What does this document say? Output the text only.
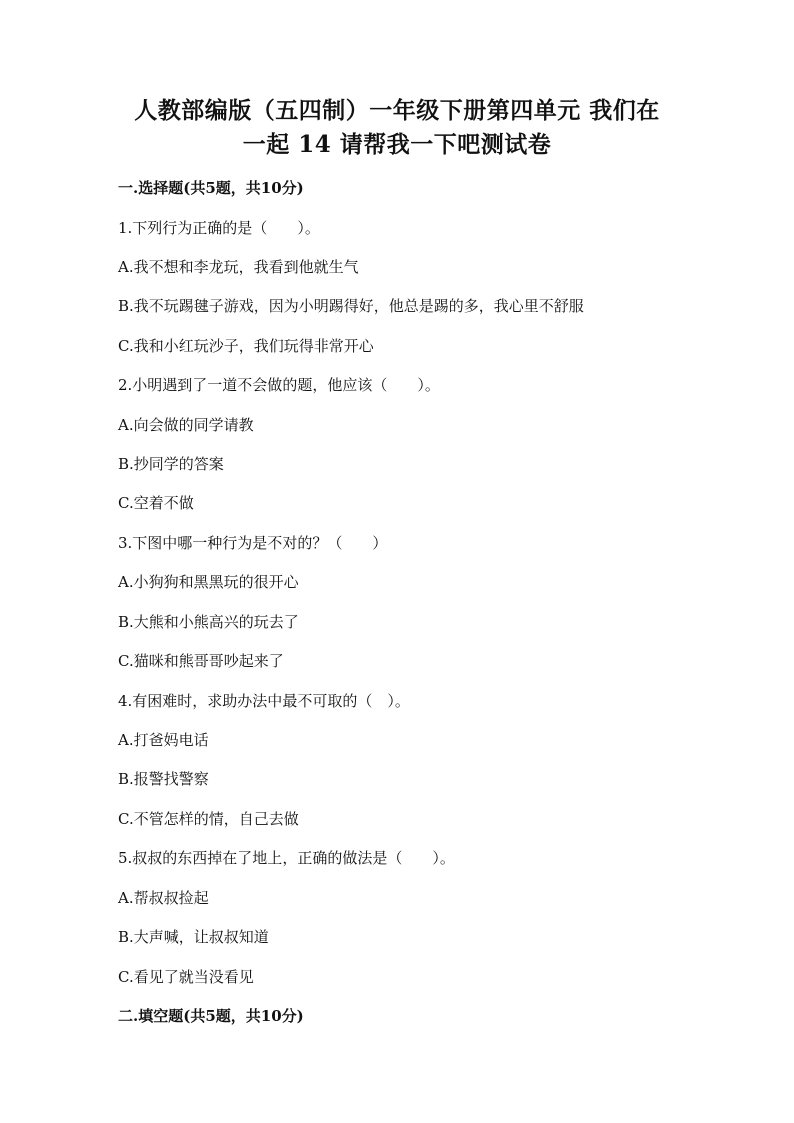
人教部编版（五四制）一年级下册第四单元 我们在
一起 14 请帮我一下吧测试卷
一.选择题(共5题，共10分)
1.下列行为正确的是（　　）。
A.我不想和李龙玩，我看到他就生气
B.我不玩踢毽子游戏，因为小明踢得好，他总是踢的多，我心里不舒服
C.我和小红玩沙子，我们玩得非常开心
2.小明遇到了一道不会做的题，他应该（　　）。
A.向会做的同学请教
B.抄同学的答案
C.空着不做
3.下图中哪一种行为是不对的？（　　）
A.小狗狗和黑黑玩的很开心
B.大熊和小熊高兴的玩去了
C.猫咪和熊哥哥吵起来了
4.有困难时，求助办法中最不可取的（　）。
A.打爸妈电话
B.报警找警察
C.不管怎样的情，自己去做
5.叔叔的东西掉在了地上，正确的做法是（　　）。
A.帮叔叔捡起
B.大声喊，让叔叔知道
C.看见了就当没看见
二.填空题(共5题，共10分)
